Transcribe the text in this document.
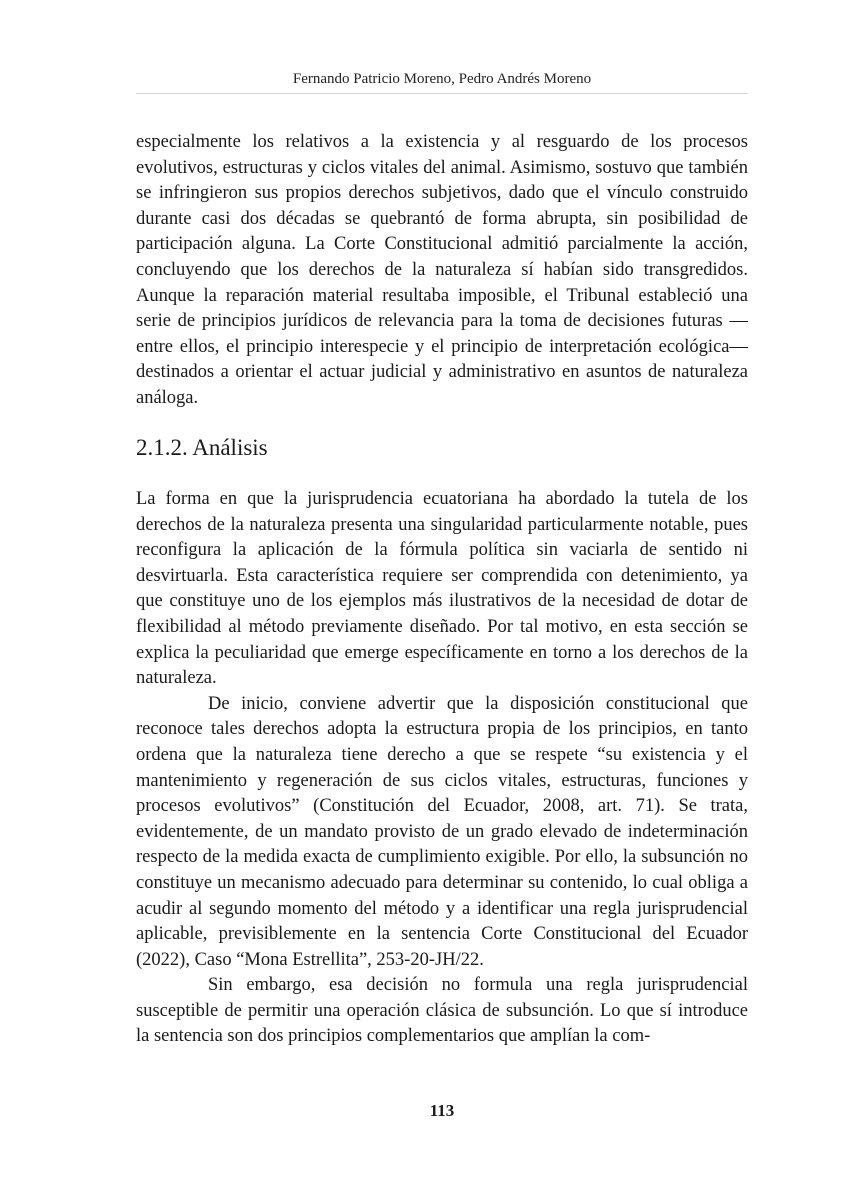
Fernando Patricio Moreno, Pedro Andrés Moreno

especialmente los relativos a la existencia y al resguardo de los procesos evolutivos, estructuras y ciclos vitales del animal. Asimismo, sostuvo que también se infringieron sus propios derechos subjetivos, dado que el vínculo construido durante casi dos décadas se quebrantó de forma abrupta, sin posibilidad de participación alguna. La Corte Constitucional admitió parcialmente la acción, concluyendo que los derechos de la naturaleza sí habían sido transgredidos. Aunque la reparación material resultaba imposible, el Tribunal estableció una serie de principios jurídicos de relevancia para la toma de decisiones futuras —entre ellos, el principio interespecie y el principio de interpretación ecológica— destinados a orientar el actuar judicial y administrativo en asuntos de naturaleza análoga.

2.1.2. Análisis

La forma en que la jurisprudencia ecuatoriana ha abordado la tutela de los derechos de la naturaleza presenta una singularidad particularmente notable, pues reconfigura la aplicación de la fórmula política sin vaciarla de sentido ni desvirtuarla. Esta característica requiere ser comprendida con detenimiento, ya que constituye uno de los ejemplos más ilustrativos de la necesidad de dotar de flexibilidad al método previamente diseñado. Por tal motivo, en esta sección se explica la peculiaridad que emerge específicamente en torno a los derechos de la naturaleza.

De inicio, conviene advertir que la disposición constitucional que reconoce tales derechos adopta la estructura propia de los principios, en tanto ordena que la naturaleza tiene derecho a que se respete “su existencia y el mantenimiento y regeneración de sus ciclos vitales, estructuras, funciones y procesos evolutivos” (Constitución del Ecuador, 2008, art. 71). Se trata, evidentemente, de un mandato provisto de un grado elevado de indeterminación respecto de la medida exacta de cumplimiento exigible. Por ello, la subsunción no constituye un mecanismo adecuado para determinar su contenido, lo cual obliga a acudir al segundo momento del método y a identificar una regla jurisprudencial aplicable, previsiblemente en la sentencia Corte Constitucional del Ecuador (2022), Caso “Mona Estrellita”, 253-20-JH/22.

Sin embargo, esa decisión no formula una regla jurisprudencial susceptible de permitir una operación clásica de subsunción. Lo que sí introduce la sentencia son dos principios complementarios que amplían la com-

113
